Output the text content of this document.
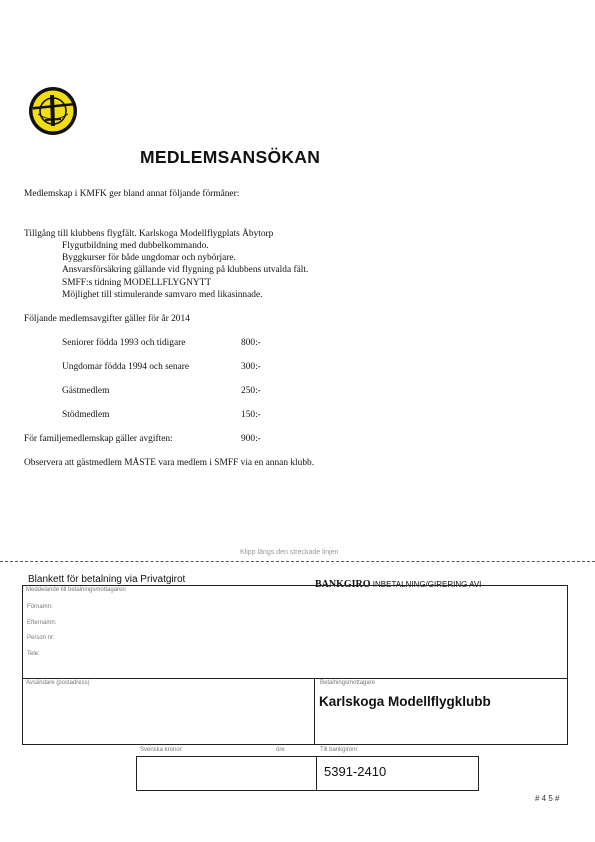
MEDLEMSANSÖKAN
Medlemskap i KMFK ger bland annat följande förmåner:
Tillgång till klubbens flygfält. Karlskoga Modellflygplats Åbytorp
Flygutbildning med dubbelkommando.
Byggkurser för både ungdomar och nybörjare.
Ansvarsförsäkring gällande vid flygning på klubbens utvalda fält.
SMFF:s tidning MODELLFLYGNYTT
Möjlighet till stimulerande samvaro med likasinnade.
Följande medlemsavgifter gäller för år 2014
Seniorer födda 1993 och tidigare	800:-
Ungdomar födda 1994 och senare	300:-
Gästmedlem	250:-
Stödmedlem	150:-
För familjemedlemskap gäller avgiften:	900:-
Observera att gästmedlem MÅSTE vara medlem i SMFF via en annan klubb.
Klipp längs den streckade linjen
Blankett för betalning via Privatgirot	BANKGIRO INBETALNING/GIRERING AVI
Meddelande till betalningsmottagaren
Förnamn:
Efternamn:
Person nr:
Tele:
Avsändare (postadress)	Betalningsmottagare
Karlskoga Modellflygklubb
Svenska kronor	öre	Till bankgironr
5391-2410
# 4 5 #
